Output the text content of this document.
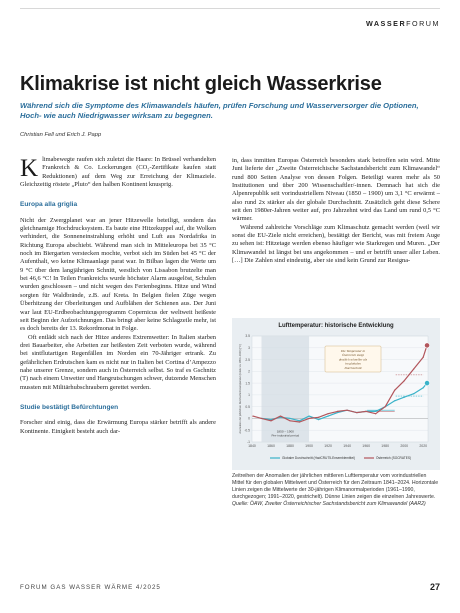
WASSERFORUM
Klimakrise ist nicht gleich Wasserkrise
Während sich die Symptome des Klimawandels häufen, prüfen Forschung und Wasserversorger die Optionen, Hoch- wie auch Niedrigwasser wirksam zu begegnen.
Christian Fell und Erich J. Papp

Klimabewegte raufen sich zuletzt die Haare: In Brüssel verhandelten Frankreich & Co. Lockerungen (CO₂-Zertifikate kaufen statt Reduktionen) auf dem Weg zur Erreichung der Klimaziele. Gleichzeitig röstete „Pluto“ den halben Kontinent knusprig.

Europa alla griglia

Nicht der Zwergplanet war an jener Hitzewelle beteiligt, sondern das gleichnamige Hochdrucksystem. Es baute eine Hitzekuppel auf, die Wolken verhindert, die Sonneneinstrahlung erhöht und Luft aus Nordafrika in Richtung Europa abschiebt. Während man sich in Mitteleuropa bei 35 °C noch im Biergarten verstecken mochte, verbot sich im Süden bei 45 °C der Aufenthalt, wo keine Klimaanlage parat war. In Bilbao lagen die Werte um 9 °C über dem langjährigen Schnitt, westlich von Lissabon brutzelte man bei 46,6 °C! In Teilen Frankreichs wurde höchster Alarm ausgelöst, Schulen wurden geschlossen – und nicht wegen des Ferienbeginns. Hitze und Wind sorgten für Waldbrände, z.B. auf Kreta. In Belgien fielen Züge wegen Überhitzung der Oberleitungen und Aufblähen der Schienen aus. Der Juni war laut EU-Erdbeobachtungsprogramm Copernicus der weltweit heißeste seit Beginn der Aufzeichnungen. Das bringt aber keine Schlagzeile mehr, ist es doch bereits der 13. Rekordmonat in Folge.

Oft entlädt sich nach der Hitze anderes Extremwetter: In Italien starben drei Bauarbeiter, ehe Arbeiten zur heißesten Zeit verboten wurde, während bei sintflutartigen Regenfällen im Norden ein 70-Jähriger ertrank. Zu gefährlichen Erdrutschen kam es nicht nur in Italien bei Cortina d’Ampezzo nahe unserer Grenze, sondern auch in Österreich selbst. So traf es Gschnitz (T) nach einem Unwetter und Hangrutschungen schwer, dutzende Menschen mussten mit Militärhubschraubern gerettet werden.

Studie bestätigt Befürchtungen

Forscher sind einig, dass die Erwärmung Europa stärker betrifft als andere Kontinente. Einigkeit besteht auch dar-

in, dass inmitten Europas Österreich besonders stark betroffen sein wird. Mitte Juni lieferte der „Zweite Österreichische Sachstandsbericht zum Klimawandel“ rund 800 Seiten Analyse von dessen Folgen. Beteiligt waren mehr als 50 Institutionen und über 200 Wissenschaftler/-innen. Demnach hat sich die Alpenrepublik seit vorindustriellem Niveau (1850 – 1900) um 3,1 °C erwärmt – also rund 2x stärker als der globale Durchschnitt. Zusätzlich geht diese Schere seit den 1980er-Jahren weiter auf, pro Jahrzehnt wird das Land um rund 0,5 °C wärmer.

Während zahlreiche Vorschläge zum Klimaschutz gemacht werden (weil wir sonst die EU-Ziele nicht erreichen), bestätigt der Bericht, was mit freiem Auge zu sehen ist: Hitzetage werden ebenso häufiger wie Starkregen und Muren. „Der Klimawandel ist längst bei uns angekommen – und er betrifft unser aller Leben. […] Die Zahlen sind eindeutig, aber sie sind kein Grund zur Resigna-

Lufttemperatur: historische Entwicklung
-1
-0.5
0
0.5
1
1.5
2
2.5
3
3.5
1840	1860	1880	1900	1920	1940	1960	1980	2000	2020
Anomalien der jährlichen Durchschnittstemperatur (relativ zu 1850–1900) [°C]	Die Temperatur in
Österreich steigt
deutlich schneller als
im globalen
Durchschnitt
1850 – 1900
Pre-industrial period
Globaler Durchschnitt (HadCRUT5-Ensemblemittel)	Österreich (SOCRATES)

Zeitreihen der Anomalien der jährlichen mittleren Lufttemperatur vom vorindustriellen Mittel für den globalen Mittelwert und Österreich für den Zeitraum 1841–2024. Horizontale Linien zeigen die Mittelwerte der 30-jährigen Klimanormalperioden (1961–1990, durchgezogen; 1991–2020, gestrichelt). Dünne Linien zeigen die einzelnen Jahreswerte.

Quelle: ÖAW, Zweiter Österreichischer Sachstandsbericht zum Klimawandel (AAR2)

FORUM GAS WASSER WÄRME 4/2025	27
